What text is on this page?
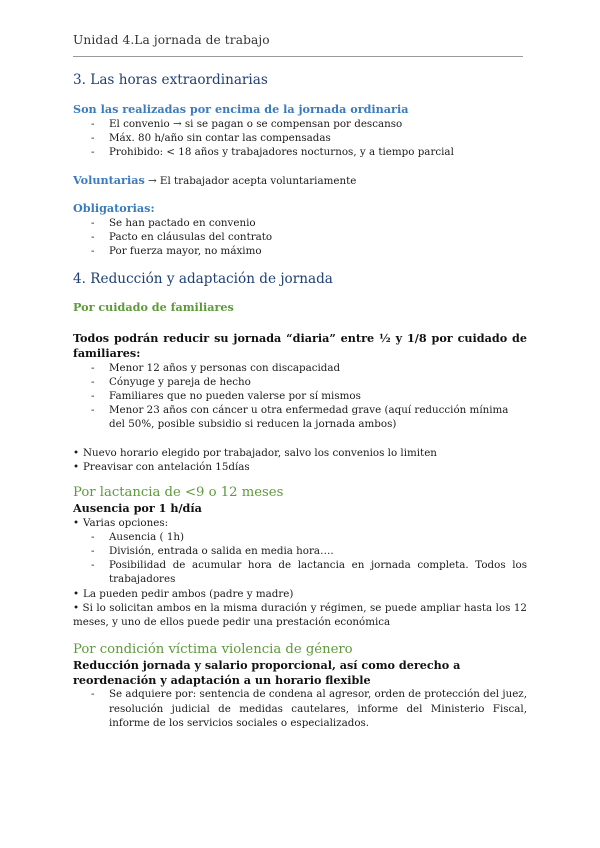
Unidad 4.La jornada de trabajo
3. Las horas extraordinarias
Son las realizadas por encima de la jornada ordinaria
- El convenio → si se pagan o se compensan por descanso
- Máx. 80 h/año sin contar las compensadas
- Prohibido: < 18 años y trabajadores nocturnos, y a tiempo parcial
Voluntarias → El trabajador acepta voluntariamente
Obligatorias:
- Se han pactado en convenio
- Pacto en cláusulas del contrato
- Por fuerza mayor, no máximo
4. Reducción y adaptación de jornada
Por cuidado de familiares
Todos podrán reducir su jornada “diaria” entre ½ y 1/8 por cuidado de familiares:
- Menor 12 años y personas con discapacidad
- Cónyuge y pareja de hecho
- Familiares que no pueden valerse por sí mismos
- Menor 23 años con cáncer u otra enfermedad grave (aquí reducción mínima del 50%, posible subsidio si reducen la jornada ambos)
• Nuevo horario elegido por trabajador, salvo los convenios lo limiten
• Preavisar con antelación 15días
Por lactancia de <9 o 12 meses
Ausencia por 1 h/día
• Varias opciones:
- Ausencia ( 1h)
- División, entrada o salida en media hora….
- Posibilidad de acumular hora de lactancia en jornada completa. Todos los trabajadores
• La pueden pedir ambos (padre y madre)
• Si lo solicitan ambos en la misma duración y régimen, se puede ampliar hasta los 12 meses, y uno de ellos puede pedir una prestación económica
Por condición víctima violencia de género
Reducción jornada y salario proporcional, así como derecho a reordenación y adaptación a un horario flexible
- Se adquiere por: sentencia de condena al agresor, orden de protección del juez, resolución judicial de medidas cautelares, informe del Ministerio Fiscal, informe de los servicios sociales o especializados.
